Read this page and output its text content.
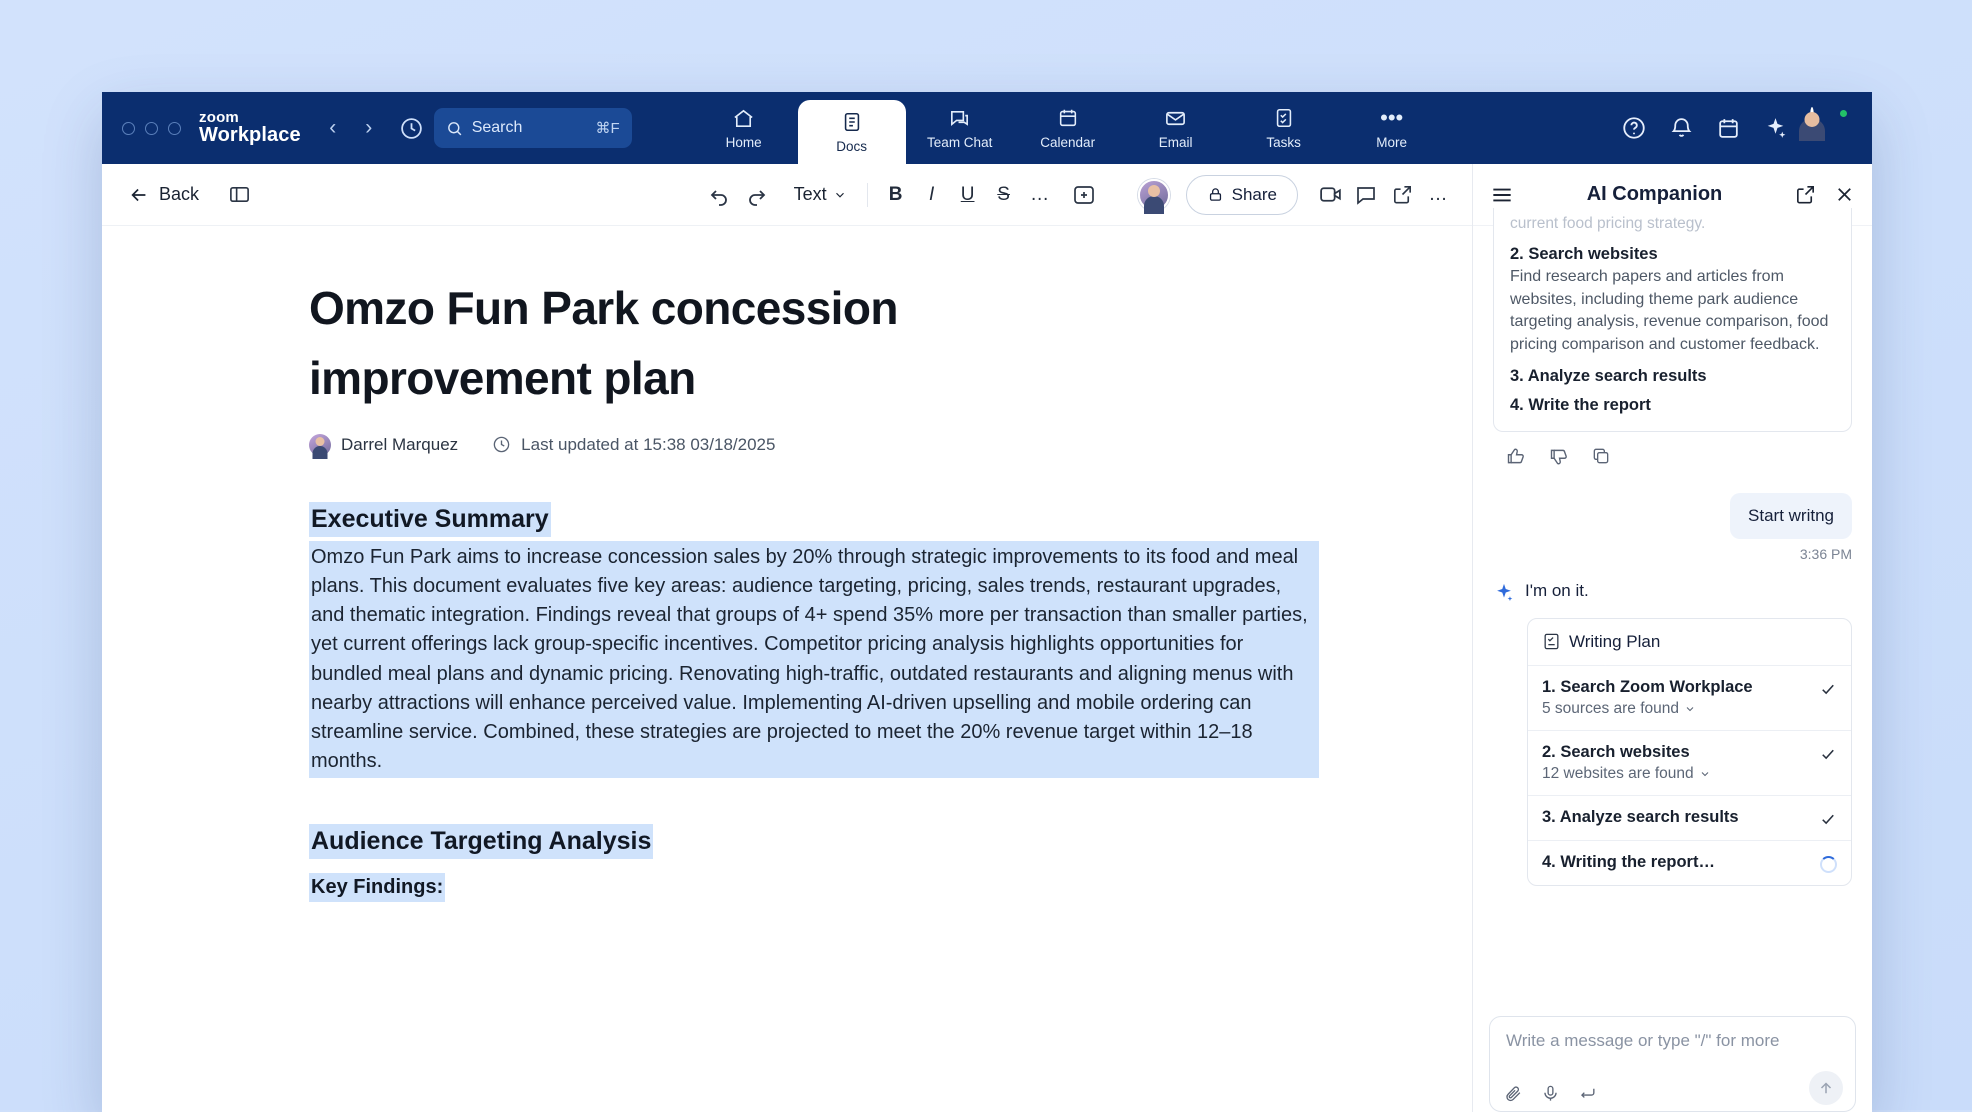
zoom
Workplace	‹	›	Search	⌘F
Home	Docs	Team Chat	Calendar	Email	Tasks
•••
More
Back	Text	B I U S …	Share	…
Omzo Fun Park concession improvement plan
Darrel Marquez	Last updated at 15:38 03/18/2025
Executive Summary

Omzo Fun Park aims to increase concession sales by 20% through strategic improvements to its food and meal plans. This document evaluates five key areas: audience targeting, pricing, sales trends, restaurant upgrades, and thematic integration. Findings reveal that groups of 4+ spend 35% more per transaction than smaller parties, yet current offerings lack group-specific incentives. Competitor pricing analysis highlights opportunities for bundled meal plans and dynamic pricing. Renovating high-traffic, outdated restaurants and aligning menus with nearby attractions will enhance perceived value. Implementing AI-driven upselling and mobile ordering can streamline service. Combined, these strategies are projected to meet the 20% revenue target within 12–18 months.

Audience Targeting Analysis
Key Findings:
AI Companion
current food pricing strategy.
2. Search websites
Find research papers and articles from websites, including theme park audience targeting analysis, revenue comparison, food pricing comparison and customer feedback.
3. Analyze search results
4. Write the report
Start writng
3:36 PM
I'm on it.
Writing Plan
1. Search Zoom Workplace
5 sources are found
2. Search websites
12 websites are found
3. Analyze search results
4. Writing the report…
Write a message or type "/" for more
